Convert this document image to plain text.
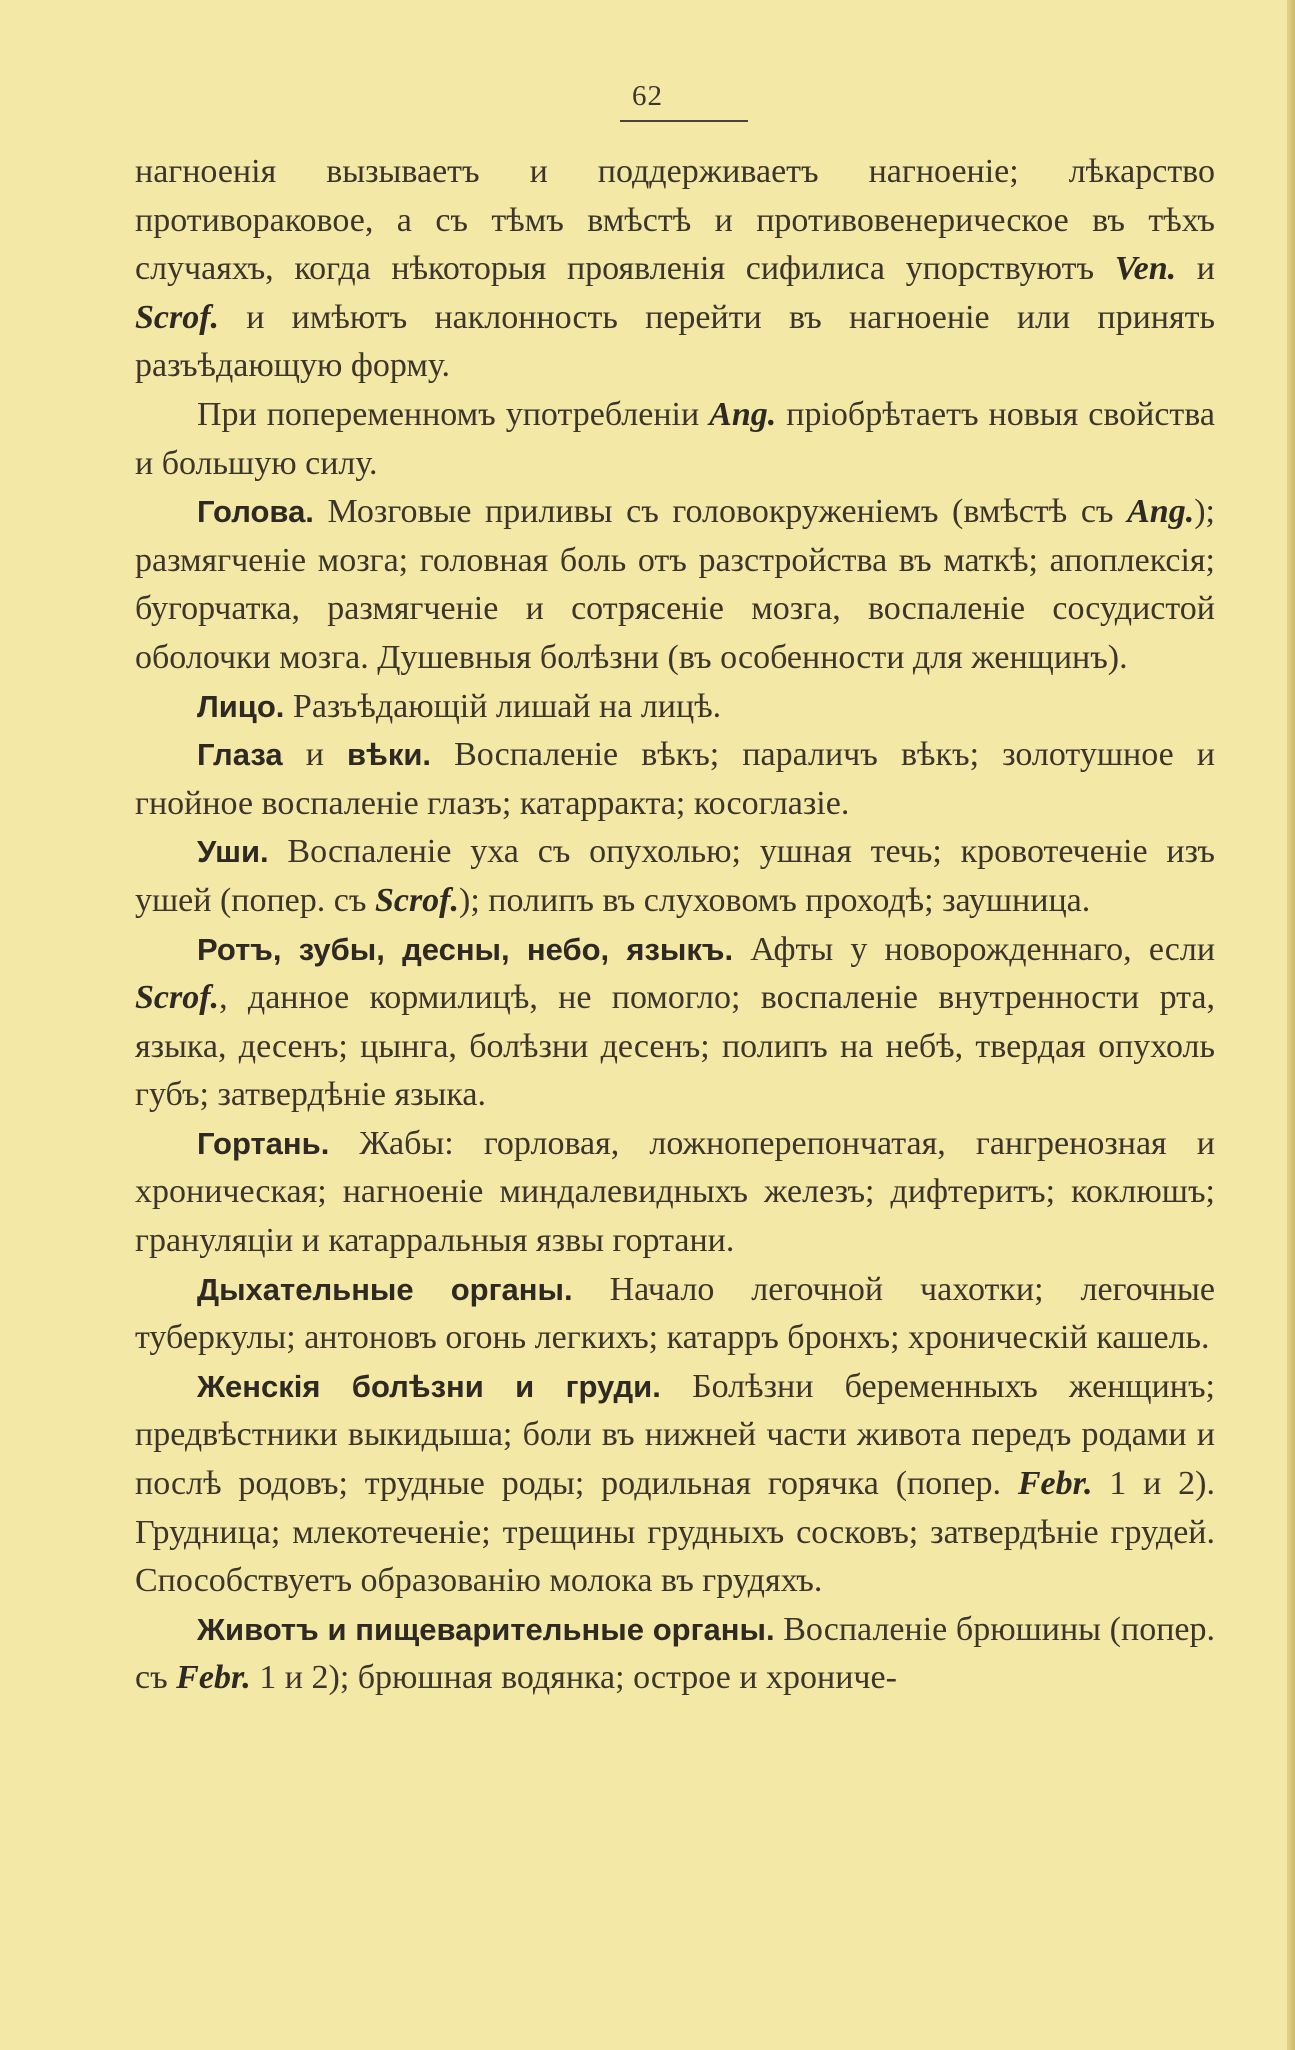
62

нагноенія вызываетъ и поддерживаетъ нагноеніе; лѣкарство противораковое, а съ тѣмъ вмѣстѣ и противовенерическое въ тѣхъ случаяхъ, когда нѣкоторыя проявленія сифилиса упорствуютъ Ven. и Scrof. и имѣютъ наклонность перейти въ нагноеніе или принять разъѣдающую форму.

При попеременномъ употребленіи Ang. пріобрѣтаетъ новыя свойства и большую силу.

Голова. Мозговые приливы съ головокруженіемъ (вмѣстѣ съ Ang.); размягченіе мозга; головная боль отъ разстройства въ маткѣ; апоплексія; бугорчатка, размягченіе и сотрясеніе мозга, воспаленіе сосудистой оболочки мозга. Душевныя болѣзни (въ особенности для женщинъ).

Лицо. Разъѣдающій лишай на лицѣ.

Глаза и вѣки. Воспаленіе вѣкъ; параличъ вѣкъ; золотушное и гнойное воспаленіе глазъ; катарракта; косоглазіе.

Уши. Воспаленіе уха съ опухолью; ушная течь; кровотеченіе изъ ушей (попер. съ Scrof.); полипъ въ слуховомъ проходѣ; заушница.

Ротъ, зубы, десны, небо, языкъ. Афты у новорожденнаго, если Scrof., данное кормилицѣ, не помогло; воспаленіе внутренности рта, языка, десенъ; цынга, болѣзни десенъ; полипъ на небѣ, твердая опухоль губъ; затвердѣніе языка.

Гортань. Жабы: горловая, ложноперепончатая, гангренозная и хроническая; нагноеніе миндалевидныхъ железъ; дифтеритъ; коклюшъ; грануляціи и катарральныя язвы гортани.

Дыхательные органы. Начало легочной чахотки; легочные туберкулы; антоновъ огонь легкихъ; катарръ бронхъ; хроническій кашель.

Женскія болѣзни и груди. Болѣзни беременныхъ женщинъ; предвѣстники выкидыша; боли въ нижней части живота передъ родами и послѣ родовъ; трудные роды; родильная горячка (попер. Febr. 1 и 2). Грудница; млекотеченіе; трещины грудныхъ сосковъ; затвердѣніе грудей. Способствуетъ образованію молока въ грудяхъ.

Животъ и пищеварительные органы. Воспаленіе брюшины (попер. съ Febr. 1 и 2); брюшная водянка; острое и хрониче-
